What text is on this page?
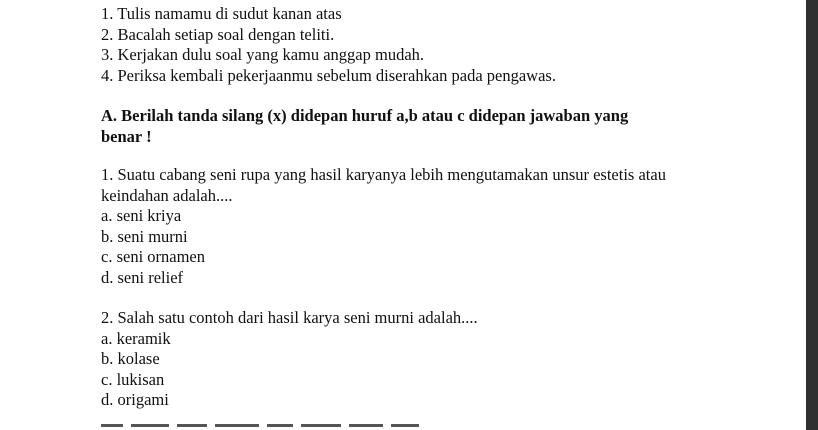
1. Tulis namamu di sudut kanan atas
2. Bacalah setiap soal dengan teliti.
3. Kerjakan dulu soal yang kamu anggap mudah.
4. Periksa kembali pekerjaanmu sebelum diserahkan pada pengawas.
A. Berilah tanda silang (x) didepan huruf a,b atau c didepan jawaban yang
benar !
1. Suatu cabang seni rupa yang hasil karyanya lebih mengutamakan unsur estetis atau
keindahan adalah....
a. seni kriya
b. seni murni
c. seni ornamen
d. seni relief
2. Salah satu contoh dari hasil karya seni murni adalah....
a. keramik
b. kolase
c. lukisan
d. origami
